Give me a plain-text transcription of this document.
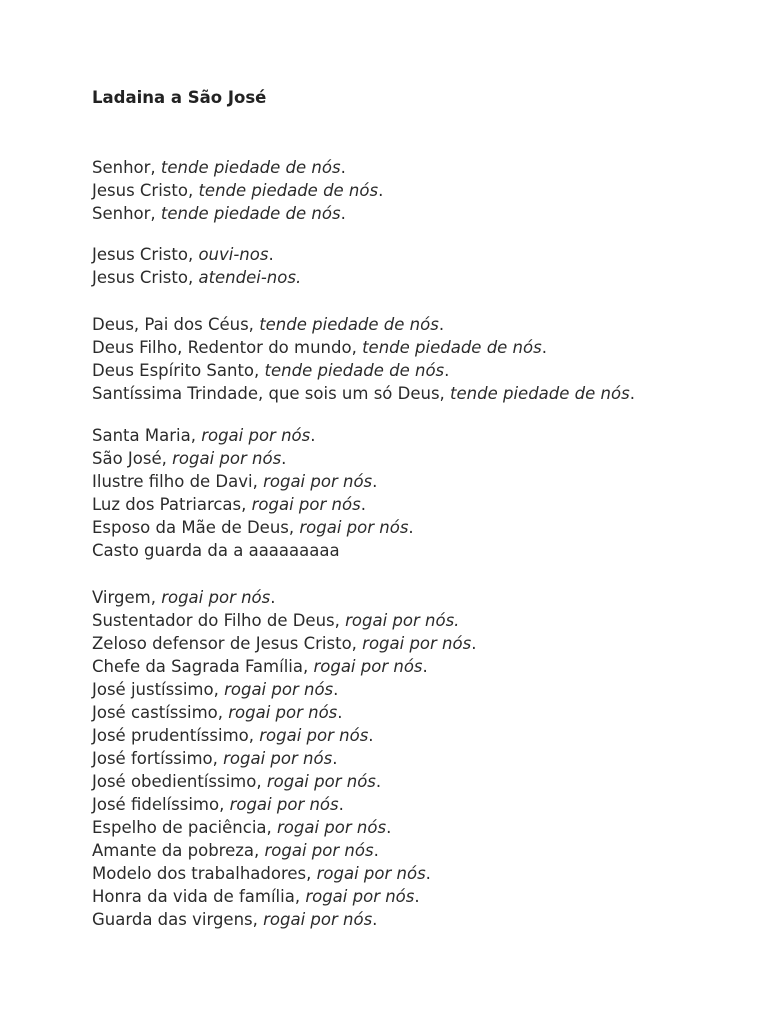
Ladaina a São José
Senhor, tende piedade de nós.
Jesus Cristo, tende piedade de nós.
Senhor, tende piedade de nós.
Jesus Cristo, ouvi-nos.
Jesus Cristo, atendei-nos.
Deus, Pai dos Céus, tende piedade de nós.
Deus Filho, Redentor do mundo, tende piedade de nós.
Deus Espírito Santo, tende piedade de nós.
Santíssima Trindade, que sois um só Deus, tende piedade de nós.
Santa Maria, rogai por nós.
São José, rogai por nós.
Ilustre filho de Davi, rogai por nós.
Luz dos Patriarcas, rogai por nós.
Esposo da Mãe de Deus, rogai por nós.
Casto guarda da a aaaaaaaaa
Virgem, rogai por nós.
Sustentador do Filho de Deus, rogai por nós.
Zeloso defensor de Jesus Cristo, rogai por nós.
Chefe da Sagrada Família, rogai por nós.
José justíssimo, rogai por nós.
José castíssimo, rogai por nós.
José prudentíssimo, rogai por nós.
José fortíssimo, rogai por nós.
José obedientíssimo, rogai por nós.
José fidelíssimo, rogai por nós.
Espelho de paciência, rogai por nós.
Amante da pobreza, rogai por nós.
Modelo dos trabalhadores, rogai por nós.
Honra da vida de família, rogai por nós.
Guarda das virgens, rogai por nós.
